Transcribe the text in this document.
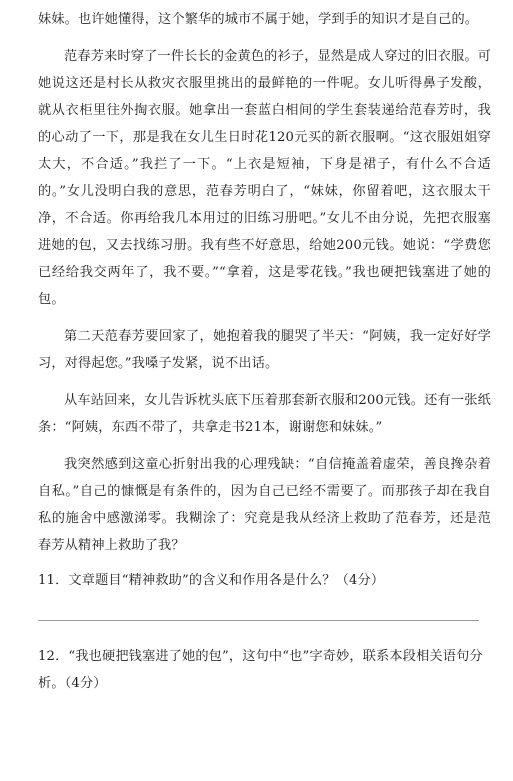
妹妹。也许她懂得，这个繁华的城市不属于她，学到手的知识才是自己的。

范春芳来时穿了一件长长的金黄色的衫子，显然是成人穿过的旧衣服。可她说这还是村长从救灾衣服里挑出的最鲜艳的一件呢。女儿听得鼻子发酸，就从衣柜里往外掏衣服。她拿出一套蓝白相间的学生套装递给范春芳时，我的心动了一下，那是我在女儿生日时花120元买的新衣服啊。“这衣服姐姐穿太大，不合适。”我拦了一下。“上衣是短袖，下身是裙子，有什么不合适的。”女儿没明白我的意思，范春芳明白了，“妹妹，你留着吧，这衣服太干净，不合适。你再给我几本用过的旧练习册吧。”女儿不由分说，先把衣服塞进她的包，又去找练习册。我有些不好意思，给她200元钱。她说：“学费您已经给我交两年了，我不要。”“拿着，这是零花钱。”我也硬把钱塞进了她的包。

第二天范春芳要回家了，她抱着我的腿哭了半天：“阿姨，我一定好好学习，对得起您。”我嗓子发紧，说不出话。

从车站回来，女儿告诉枕头底下压着那套新衣服和200元钱。还有一张纸条：“阿姨，东西不带了，共拿走书21本，谢谢您和妹妹。”

我突然感到这童心折射出我的心理残缺：“自信掩盖着虚荣，善良搀杂着自私。”自己的慷慨是有条件的，因为自己已经不需要了。而那孩子却在我自私的施舍中感激涕零。我糊涂了：究竟是我从经济上救助了范春芳，还是范春芳从精神上救助了我？

11．文章题目“精神救助”的含义和作用各是什么？（4分）

12．“我也硬把钱塞进了她的包”，这句中“也”字奇妙，联系本段相关语句分析。（4分）
